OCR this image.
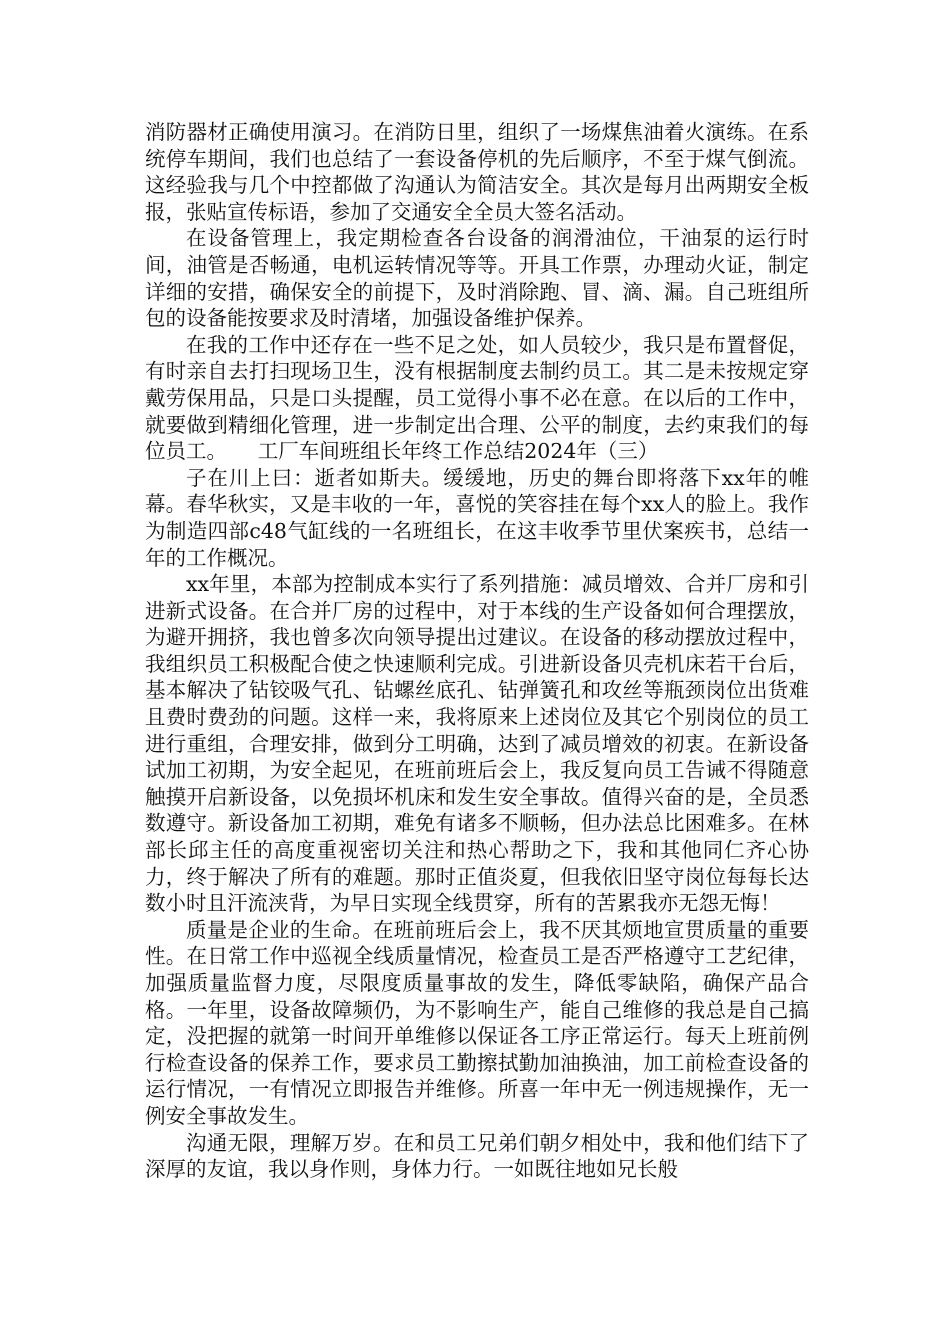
消防器材正确使用演习。在消防日里，组织了一场煤焦油着火演练。在系统停车期间，我们也总结了一套设备停机的先后顺序，不至于煤气倒流。这经验我与几个中控都做了沟通认为简洁安全。其次是每月出两期安全板报，张贴宣传标语，参加了交通安全全员大签名活动。

在设备管理上，我定期检查各台设备的润滑油位，干油泵的运行时间，油管是否畅通，电机运转情况等等。开具工作票，办理动火证，制定详细的安措，确保安全的前提下，及时消除跑、冒、滴、漏。自己班组所包的设备能按要求及时清堵，加强设备维护保养。

在我的工作中还存在一些不足之处，如人员较少，我只是布置督促，有时亲自去打扫现场卫生，没有根据制度去制约员工。其二是未按规定穿戴劳保用品，只是口头提醒，员工觉得小事不必在意。在以后的工作中，就要做到精细化管理，进一步制定出合理、公平的制度，去约束我们的每位员工。　　工厂车间班组长年终工作总结2024年（三）

子在川上曰：逝者如斯夫。缓缓地，历史的舞台即将落下xx年的帷幕。春华秋实，又是丰收的一年，喜悦的笑容挂在每个xx人的脸上。我作为制造四部c48气缸线的一名班组长，在这丰收季节里伏案疾书，总结一年的工作概况。

xx年里，本部为控制成本实行了系列措施：减员增效、合并厂房和引进新式设备。在合并厂房的过程中，对于本线的生产设备如何合理摆放，为避开拥挤，我也曾多次向领导提出过建议。在设备的移动摆放过程中，我组织员工积极配合使之快速顺利完成。引进新设备贝壳机床若干台后，基本解决了钻铰吸气孔、钻螺丝底孔、钻弹簧孔和攻丝等瓶颈岗位出货难且费时费劲的问题。这样一来，我将原来上述岗位及其它个别岗位的员工进行重组，合理安排，做到分工明确，达到了减员增效的初衷。在新设备试加工初期，为安全起见，在班前班后会上，我反复向员工告诫不得随意触摸开启新设备，以免损坏机床和发生安全事故。值得兴奋的是，全员悉数遵守。新设备加工初期，难免有诸多不顺畅，但办法总比困难多。在林部长邱主任的高度重视密切关注和热心帮助之下，我和其他同仁齐心协力，终于解决了所有的难题。那时正值炎夏，但我依旧坚守岗位每每长达数小时且汗流浃背，为早日实现全线贯穿，所有的苦累我亦无怨无悔！

质量是企业的生命。在班前班后会上，我不厌其烦地宣贯质量的重要性。在日常工作中巡视全线质量情况，检查员工是否严格遵守工艺纪律，加强质量监督力度，尽限度质量事故的发生，降低零缺陷，确保产品合格。一年里，设备故障频仍，为不影响生产，能自己维修的我总是自己搞定，没把握的就第一时间开单维修以保证各工序正常运行。每天上班前例行检查设备的保养工作，要求员工勤擦拭勤加油换油，加工前检查设备的运行情况，一有情况立即报告并维修。所喜一年中无一例违规操作，无一例安全事故发生。

沟通无限，理解万岁。在和员工兄弟们朝夕相处中，我和他们结下了深厚的友谊，我以身作则，身体力行。一如既往地如兄长般
